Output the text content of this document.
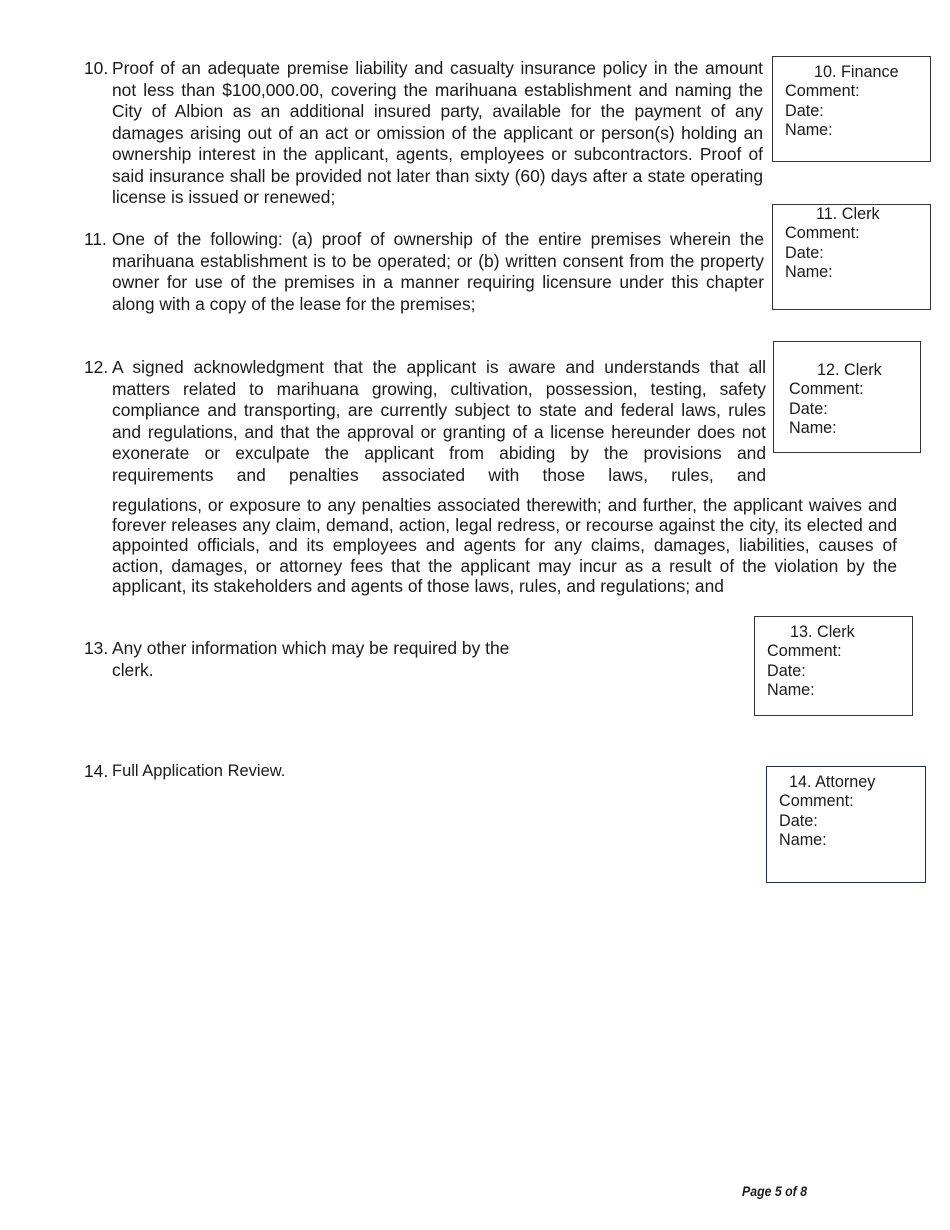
10. Proof of an adequate premise liability and casualty insurance policy in the amount not less than $100,000.00, covering the marihuana establishment and naming the City of Albion as an additional insured party, available for the payment of any damages arising out of an act or omission of the applicant or person(s) holding an ownership interest in the applicant, agents, employees or subcontractors. Proof of said insurance shall be provided not later than sixty (60) days after a state operating license is issued or renewed;
11. One of the following: (a) proof of ownership of the entire premises wherein the marihuana establishment is to be operated; or (b) written consent from the property owner for use of the premises in a manner requiring licensure under this chapter along with a copy of the lease for the premises;
12. A signed acknowledgment that the applicant is aware and understands that all matters related to marihuana growing, cultivation, possession, testing, safety compliance and transporting, are currently subject to state and federal laws, rules and regulations, and that the approval or granting of a license hereunder does not exonerate or exculpate the applicant from abiding by the provisions and requirements and penalties associated with those laws, rules, and
regulations, or exposure to any penalties associated therewith; and further, the applicant waives and forever releases any claim, demand, action, legal redress, or recourse against the city, its elected and appointed officials, and its employees and agents for any claims, damages, liabilities, causes of action, damages, or attorney fees that the applicant may incur as a result of the violation by the applicant, its stakeholders and agents of those laws, rules, and regulations; and
13. Any other information which may be required by the clerk.
14. Full Application Review.
10. Finance
Comment:
Date:
Name:
11. Clerk
Comment:
Date:
Name:
12. Clerk
Comment:
Date:
Name:
13. Clerk
Comment:
Date:
Name:
14. Attorney
Comment:
Date:
Name:
Page 5 of 8
